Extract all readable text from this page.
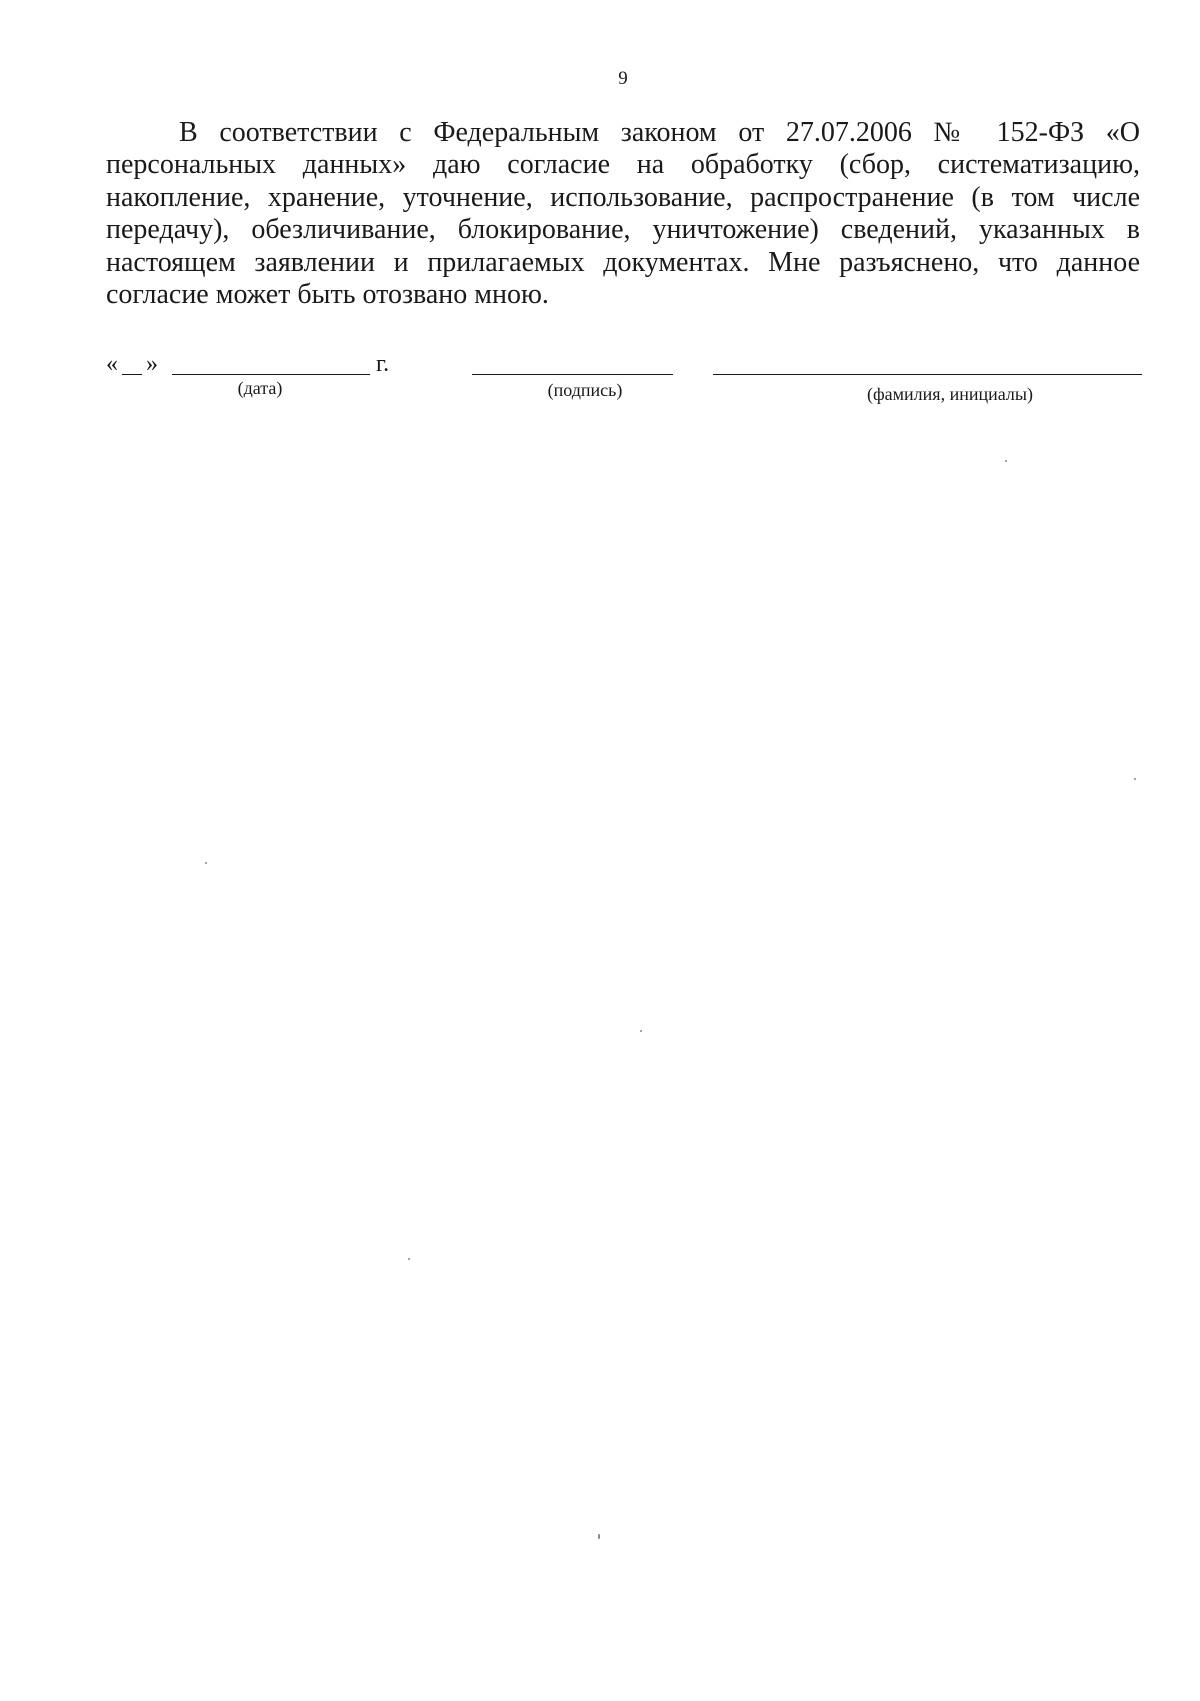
9

В соответствии с Федеральным законом от 27.07.2006 № 152-ФЗ «О персональных данных» даю согласие на обработку (сбор, систематизацию, накопление, хранение, уточнение, использование, распространение (в том числе передачу), обезличивание, блокирование, уничтожение) сведений, указанных в настоящем заявлении и прилагаемых документах. Мне разъяснено, что данное согласие может быть отозвано мною.

« »	г.
(дата)	(подпись)	(фамилия, инициалы)
